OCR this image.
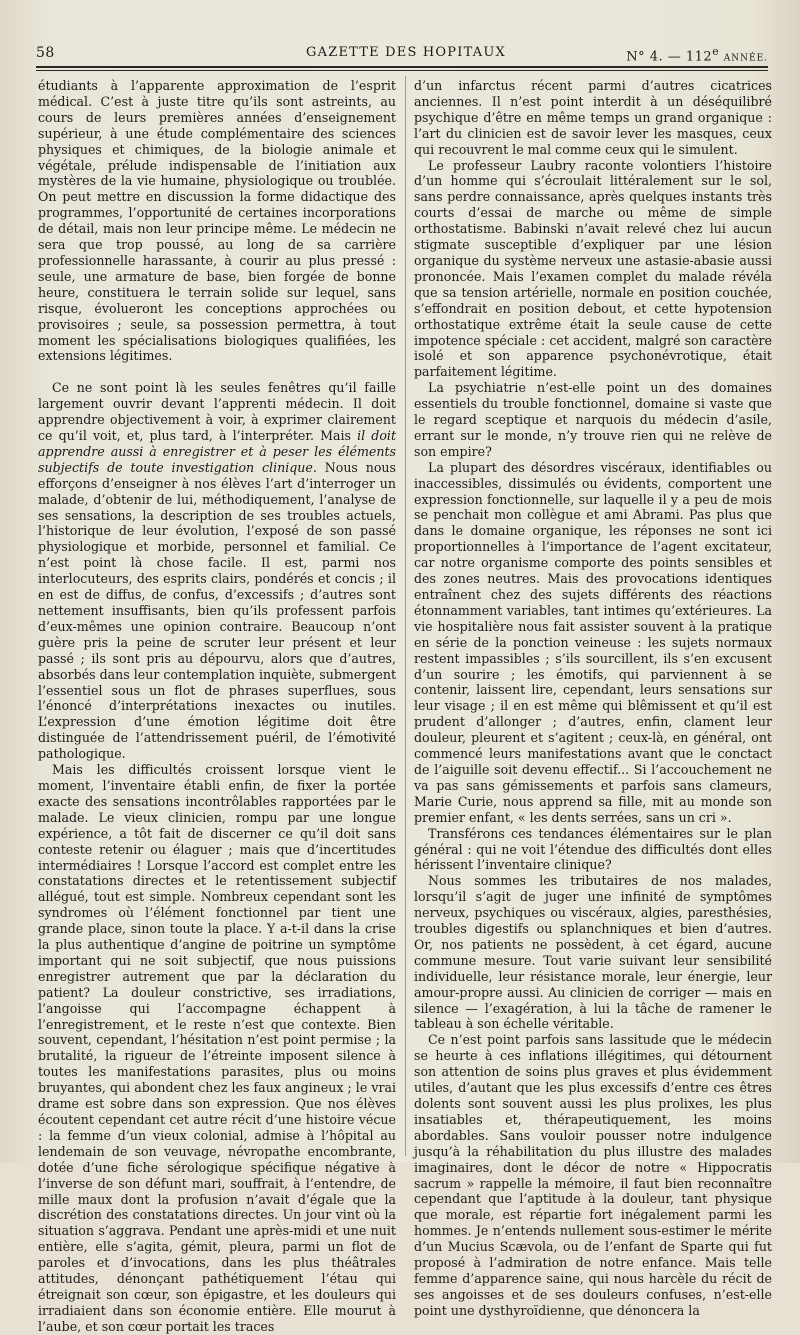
58	GAZETTE DES HOPITAUX	N° 4. — 112e ANNÉE.

étudiants à l’apparente approximation de l’esprit médical. C’est à juste titre qu’ils sont astreints, au cours de leurs premières années d’enseignement supérieur, à une étude complémentaire des sciences physiques et chimiques, de la biologie animale et végétale, prélude indispensable de l’initiation aux mystères de la vie humaine, physiologique ou troublée. On peut mettre en discussion la forme didactique des programmes, l’opportunité de certaines incorporations de détail, mais non leur principe même. Le médecin ne sera que trop poussé, au long de sa carrière professionnelle harassante, à courir au plus pressé : seule, une armature de base, bien forgée de bonne heure, constituera le terrain solide sur lequel, sans risque, évolueront les conceptions approchées ou provisoires ; seule, sa possession permettra, à tout moment les spécialisations biologiques qualifiées, les extensions légitimes.

Ce ne sont point là les seules fenêtres qu’il faille largement ouvrir devant l’apprenti médecin. Il doit apprendre objectivement à voir, à exprimer clairement ce qu’il voit, et, plus tard, à l’interpréter. Mais il doit apprendre aussi à enregistrer et à peser les éléments subjectifs de toute investigation clinique. Nous nous efforçons d’enseigner à nos élèves l’art d’interroger un malade, d’obtenir de lui, méthodiquement, l’analyse de ses sensations, la description de ses troubles actuels, l’historique de leur évolution, l’exposé de son passé physiologique et morbide, personnel et familial. Ce n’est point là chose facile. Il est, parmi nos interlocuteurs, des esprits clairs, pondérés et concis ; il en est de diffus, de confus, d’excessifs ; d’autres sont nettement insuffisants, bien qu’ils professent parfois d’eux-mêmes une opinion contraire. Beaucoup n’ont guère pris la peine de scruter leur présent et leur passé ; ils sont pris au dépourvu, alors que d’autres, absorbés dans leur contemplation inquiète, submergent l’essentiel sous un flot de phrases superflues, sous l’énoncé d’interprétations inexactes ou inutiles. L’expression d’une émotion légitime doit être distinguée de l’attendrissement puéril, de l’émotivité pathologique.

Mais les difficultés croissent lorsque vient le moment, l’inventaire établi enfin, de fixer la portée exacte des sensations incontrôlables rapportées par le malade. Le vieux clinicien, rompu par une longue expérience, a tôt fait de discerner ce qu’il doit sans conteste retenir ou élaguer ; mais que d’incertitudes intermédiaires ! Lorsque l’accord est complet entre les constatations directes et le retentissement subjectif allégué, tout est simple. Nombreux cependant sont les syndromes où l’élément fonctionnel par tient une grande place, sinon toute la place. Y a-t-il dans la crise la plus authentique d’angine de poitrine un symptôme important qui ne soit subjectif, que nous puissions enregistrer autrement que par la déclaration du patient? La douleur constrictive, ses irradiations, l’angoisse qui l’accompagne échappent à l’enregistrement, et le reste n’est que contexte. Bien souvent, cependant, l’hésitation n’est point permise ; la brutalité, la rigueur de l’étreinte imposent silence à toutes les manifestations parasites, plus ou moins bruyantes, qui abondent chez les faux angineux ; le vrai drame est sobre dans son expression. Que nos élèves écoutent cependant cet autre récit d’une histoire vécue : la femme d’un vieux colonial, admise à l’hôpital au lendemain de son veuvage, névropathe encombrante, dotée d’une fiche sérologique spécifique négative à l’inverse de son défunt mari, souffrait, à l’entendre, de mille maux dont la profusion n’avait d’égale que la discrétion des constatations directes. Un jour vint où la situation s’aggrava. Pendant une après-midi et une nuit entière, elle s’agita, gémit, pleura, parmi un flot de paroles et d’invocations, dans les plus théâtrales attitudes, dénonçant pathétiquement l’étau qui étreignait son cœur, son épigastre, et les douleurs qui irradiaient dans son économie entière. Elle mourut à l’aube, et son cœur portait les traces

d’un infarctus récent parmi d’autres cicatrices anciennes. Il n’est point interdit à un déséquilibré psychique d’être en même temps un grand organique : l’art du clinicien est de savoir lever les masques, ceux qui recouvrent le mal comme ceux qui le simulent.

Le professeur Laubry raconte volontiers l’histoire d’un homme qui s’écroulait littéralement sur le sol, sans perdre connaissance, après quelques instants très courts d’essai de marche ou même de simple orthostatisme. Babinski n’avait relevé chez lui aucun stigmate susceptible d’expliquer par une lésion organique du système nerveux une astasie-abasie aussi prononcée. Mais l’examen complet du malade révéla que sa tension artérielle, normale en position couchée, s’effondrait en position debout, et cette hypotension orthostatique extrême était la seule cause de cette impotence spéciale : cet accident, malgré son caractère isolé et son apparence psychonévrotique, était parfaitement légitime.

La psychiatrie n’est-elle point un des domaines essentiels du trouble fonctionnel, domaine si vaste que le regard sceptique et narquois du médecin d’asile, errant sur le monde, n’y trouve rien qui ne relève de son empire?

La plupart des désordres viscéraux, identifiables ou inaccessibles, dissimulés ou évidents, comportent une expression fonctionnelle, sur laquelle il y a peu de mois se penchait mon collègue et ami Abrami. Pas plus que dans le domaine organique, les réponses ne sont ici proportionnelles à l’importance de l’agent excitateur, car notre organisme comporte des points sensibles et des zones neutres. Mais des provocations identiques entraînent chez des sujets différents des réactions étonnamment variables, tant intimes qu’extérieures. La vie hospitalière nous fait assister souvent à la pratique en série de la ponction veineuse : les sujets normaux restent impassibles ; s’ils sourcillent, ils s’en excusent d’un sourire ; les émotifs, qui parviennent à se contenir, laissent lire, cependant, leurs sensations sur leur visage ; il en est même qui blêmissent et qu’il est prudent d’allonger ; d’autres, enfin, clament leur douleur, pleurent et s’agitent ; ceux-là, en général, ont commencé leurs manifestations avant que le conctact de l’aiguille soit devenu effectif... Si l’accouchement ne va pas sans gémissements et parfois sans clameurs, Marie Curie, nous apprend sa fille, mit au monde son premier enfant, « les dents serrées, sans un cri ».

Transférons ces tendances élémentaires sur le plan général : qui ne voit l’étendue des difficultés dont elles hérissent l’inventaire clinique?

Nous sommes les tributaires de nos malades, lorsqu’il s’agit de juger une infinité de symptômes nerveux, psychiques ou viscéraux, algies, paresthésies, troubles digestifs ou splanchniques et bien d’autres. Or, nos patients ne possèdent, à cet égard, aucune commune mesure. Tout varie suivant leur sensibilité individuelle, leur résistance morale, leur énergie, leur amour-propre aussi. Au clinicien de corriger — mais en silence — l’exagération, à lui la tâche de ramener le tableau à son échelle véritable.

Ce n’est point parfois sans lassitude que le médecin se heurte à ces inflations illégitimes, qui détournent son attention de soins plus graves et plus évidemment utiles, d’autant que les plus excessifs d’entre ces êtres dolents sont souvent aussi les plus prolixes, les plus insatiables et, thérapeutiquement, les moins abordables. Sans vouloir pousser notre indulgence jusqu’à la réhabilitation du plus illustre des malades imaginaires, dont le décor de notre « Hippocratis sacrum » rappelle la mémoire, il faut bien reconnaître cependant que l’aptitude à la douleur, tant physique que morale, est répartie fort inégalement parmi les hommes. Je n’entends nullement sous-estimer le mérite d’un Mucius Scævola, ou de l’enfant de Sparte qui fut proposé à l’admiration de notre enfance. Mais telle femme d’apparence saine, qui nous harcèle du récit de ses angoisses et de ses douleurs confuses, n’est-elle point une dysthyroïdienne, que dénoncera la
